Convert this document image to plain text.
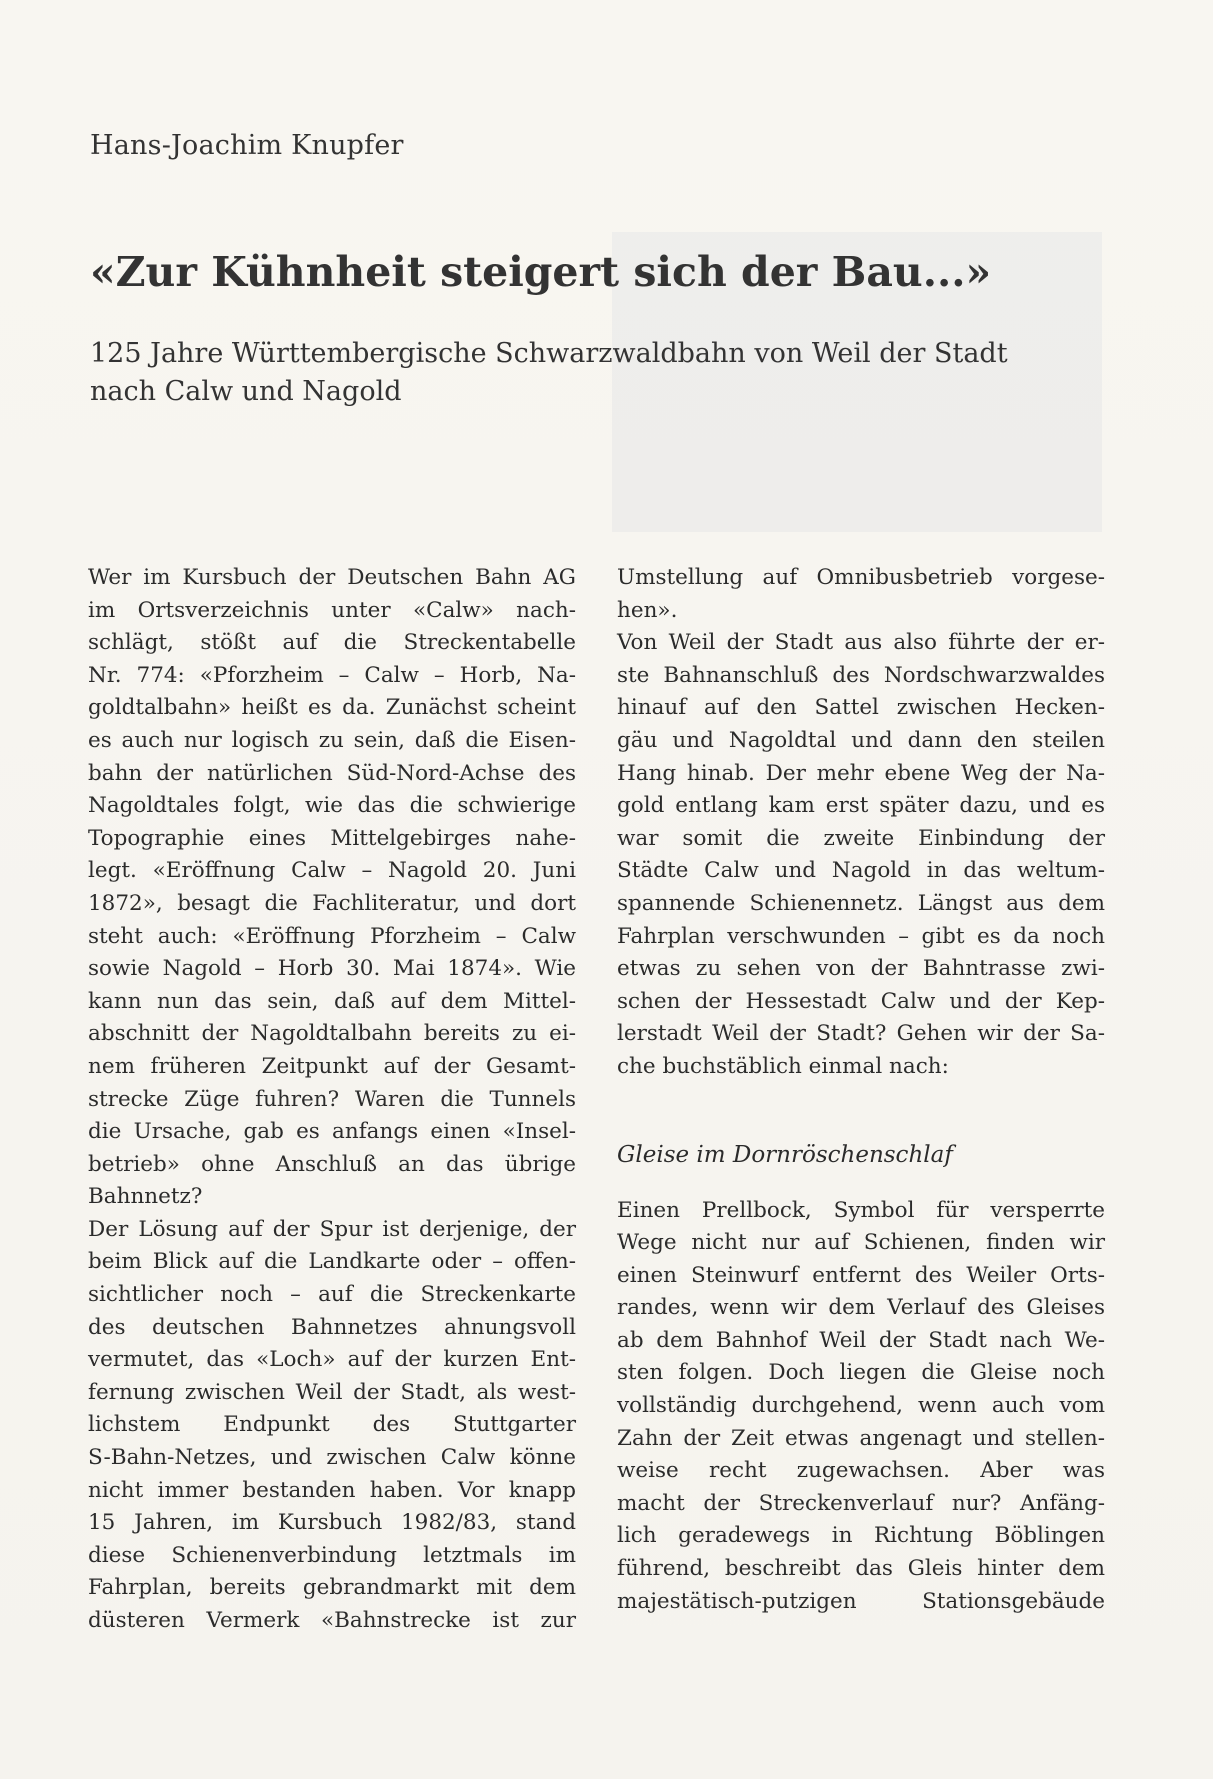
Hans-Joachim Knupfer
«Zur Kühnheit steigert sich der Bau...»
125 Jahre Württembergische Schwarzwaldbahn von Weil der Stadt
nach Calw und Nagold
Wer im Kursbuch der Deutschen Bahn AG
im Ortsverzeichnis unter «Calw» nach-
schlägt, stößt auf die Streckentabelle
Nr. 774: «Pforzheim – Calw – Horb, Na-
goldtalbahn» heißt es da. Zunächst scheint
es auch nur logisch zu sein, daß die Eisen-
bahn der natürlichen Süd-Nord-Achse des
Nagoldtales folgt, wie das die schwierige
Topographie eines Mittelgebirges nahe-
legt. «Eröffnung Calw – Nagold 20. Juni
1872», besagt die Fachliteratur, und dort
steht auch: «Eröffnung Pforzheim – Calw
sowie Nagold – Horb 30. Mai 1874». Wie
kann nun das sein, daß auf dem Mittel-
abschnitt der Nagoldtalbahn bereits zu ei-
nem früheren Zeitpunkt auf der Gesamt-
strecke Züge fuhren? Waren die Tunnels
die Ursache, gab es anfangs einen «Insel-
betrieb» ohne Anschluß an das übrige
Bahnnetz?
Der Lösung auf der Spur ist derjenige, der
beim Blick auf die Landkarte oder – offen-
sichtlicher noch – auf die Streckenkarte
des deutschen Bahnnetzes ahnungsvoll
vermutet, das «Loch» auf der kurzen Ent-
fernung zwischen Weil der Stadt, als west-
lichstem Endpunkt des Stuttgarter
S-Bahn-Netzes, und zwischen Calw könne
nicht immer bestanden haben. Vor knapp
15 Jahren, im Kursbuch 1982/83, stand
diese Schienenverbindung letztmals im
Fahrplan, bereits gebrandmarkt mit dem
düsteren Vermerk «Bahnstrecke ist zur
Umstellung auf Omnibusbetrieb vorgese-
hen».
Von Weil der Stadt aus also führte der er-
ste Bahnanschluß des Nordschwarzwaldes
hinauf auf den Sattel zwischen Hecken-
gäu und Nagoldtal und dann den steilen
Hang hinab. Der mehr ebene Weg der Na-
gold entlang kam erst später dazu, und es
war somit die zweite Einbindung der
Städte Calw und Nagold in das weltum-
spannende Schienennetz. Längst aus dem
Fahrplan verschwunden – gibt es da noch
etwas zu sehen von der Bahntrasse zwi-
schen der Hessestadt Calw und der Kep-
lerstadt Weil der Stadt? Gehen wir der Sa-
che buchstäblich einmal nach:
Gleise im Dornröschenschlaf
Einen Prellbock, Symbol für versperrte
Wege nicht nur auf Schienen, finden wir
einen Steinwurf entfernt des Weiler Orts-
randes, wenn wir dem Verlauf des Gleises
ab dem Bahnhof Weil der Stadt nach We-
sten folgen. Doch liegen die Gleise noch
vollständig durchgehend, wenn auch vom
Zahn der Zeit etwas angenagt und stellen-
weise recht zugewachsen. Aber was
macht der Streckenverlauf nur? Anfäng-
lich geradewegs in Richtung Böblingen
führend, beschreibt das Gleis hinter dem
majestätisch-putzigen Stationsgebäude
